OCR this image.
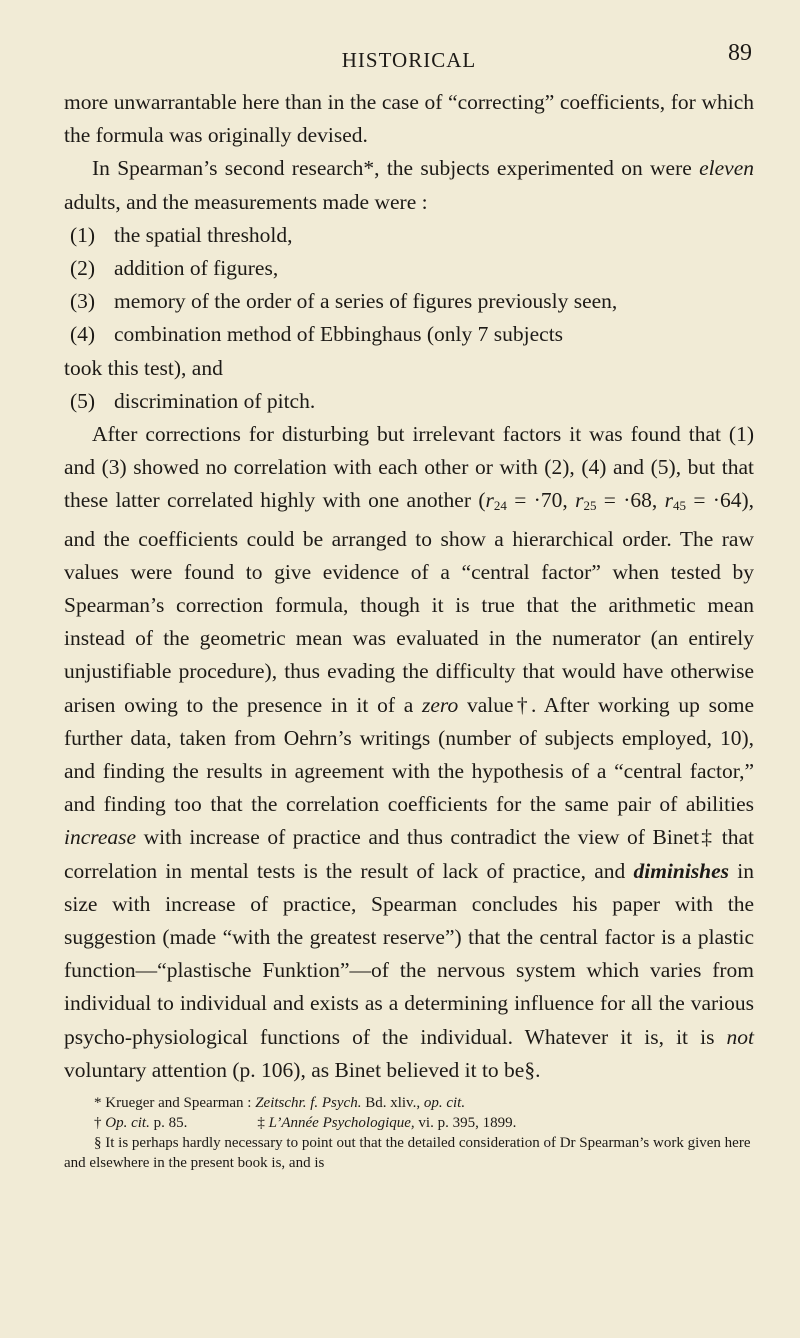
HISTORICAL	89

more unwarrantable here than in the case of “correcting” coefficients, for which the formula was originally devised.

In Spearman’s second research*, the subjects experimented on were eleven adults, and the measurements made were :

(1) the spatial threshold,
(2) addition of figures,
(3) memory of the order of a series of figures previously seen,
(4) combination method of Ebbinghaus (only 7 subjects
took this test), and
(5) discrimination of pitch.

After corrections for disturbing but irrelevant factors it was found that (1) and (3) showed no correlation with each other or with (2), (4) and (5), but that these latter correlated highly with one another ($r_{24} = \cdot 70$, $r_{25} = \cdot 68$, $r_{45} = \cdot 64$), and the coefficients could be arranged to show a hierarchical order. The raw values were found to give evidence of a “central factor” when tested by Spearman’s correction formula, though it is true that the arithmetic mean instead of the geometric mean was evaluated in the numerator (an entirely unjustifiable procedure), thus evading the difficulty that would have otherwise arisen owing to the presence in it of a zero value†. After working up some further data, taken from Oehrn’s writings (number of subjects employed, 10), and finding the results in agreement with the hypothesis of a “central factor,” and finding too that the correlation coefficients for the same pair of abilities increase with increase of practice and thus contradict the view of Binet‡ that correlation in mental tests is the result of lack of practice, and diminishes in size with increase of practice, Spearman concludes his paper with the suggestion (made “with the greatest reserve”) that the central factor is a plastic function—“plastische Funktion”—of the nervous system which varies from individual to individual and exists as a determining influence for all the various psycho-physiological functions of the individual. Whatever it is, it is not voluntary attention (p. 106), as Binet believed it to be§.

* Krueger and Spearman : Zeitschr. f. Psych. Bd. xliv., op. cit.

† Op. cit. p. 85.	‡ L’Année Psychologique, vi. p. 395, 1899.

§ It is perhaps hardly necessary to point out that the detailed consideration of Dr Spearman’s work given here and elsewhere in the present book is, and is
